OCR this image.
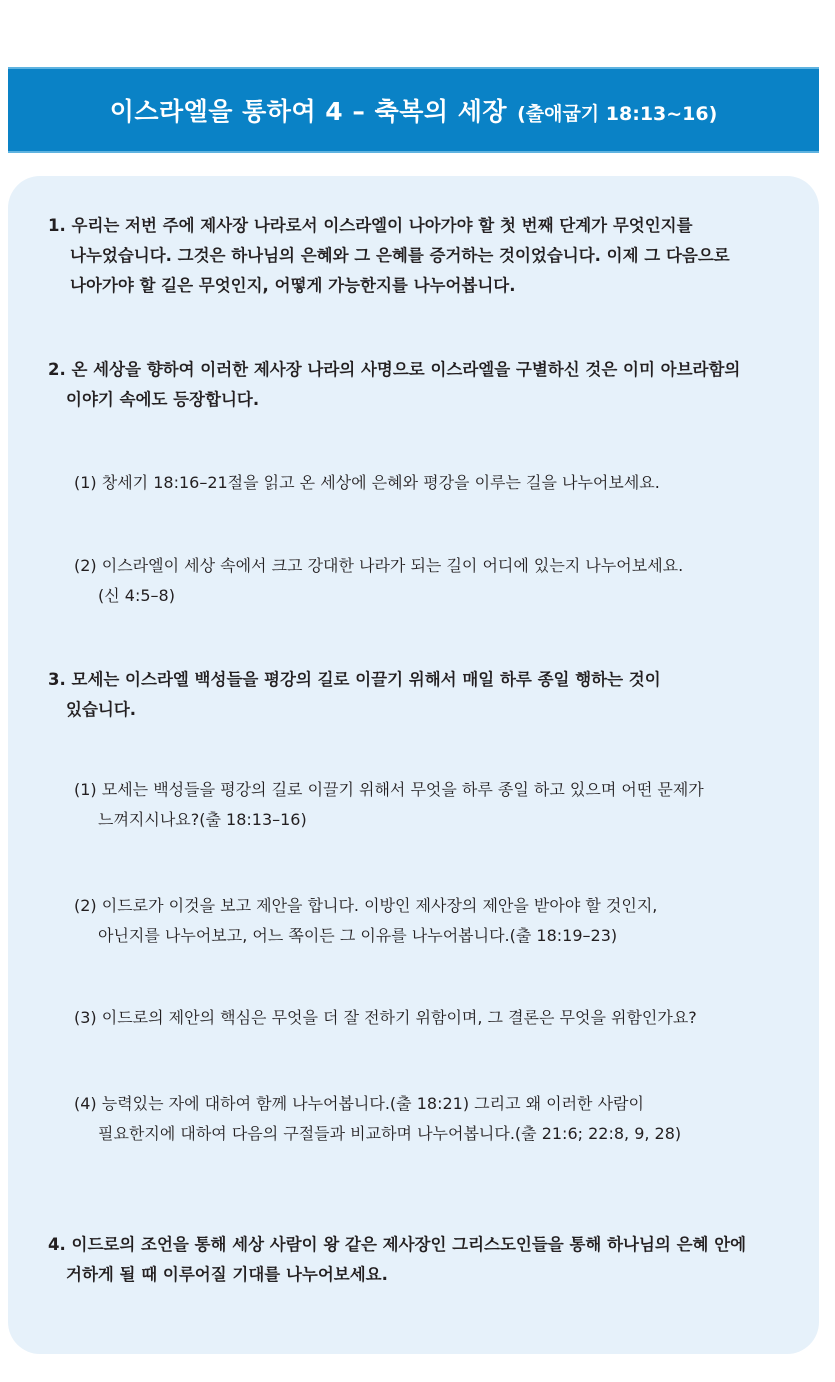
이스라엘을 통하여 4 – 축복의 세장 (출애굽기 18:13~16)
1. 우리는 저번 주에 제사장 나라로서 이스라엘이 나아가야 할 첫 번째 단계가 무엇인지를
나누었습니다. 그것은 하나님의 은혜와 그 은혜를 증거하는 것이었습니다. 이제 그 다음으로
나아가야 할 길은 무엇인지, 어떻게 가능한지를 나누어봅니다.
2. 온 세상을 향하여 이러한 제사장 나라의 사명으로 이스라엘을 구별하신 것은 이미 아브라함의
이야기 속에도 등장합니다.
(1) 창세기 18:16–21절을 읽고 온 세상에 은혜와 평강을 이루는 길을 나누어보세요.
(2) 이스라엘이 세상 속에서 크고 강대한 나라가 되는 길이 어디에 있는지 나누어보세요.
(신 4:5–8)
3. 모세는 이스라엘 백성들을 평강의 길로 이끌기 위해서 매일 하루 종일 행하는 것이
있습니다.
(1) 모세는 백성들을 평강의 길로 이끌기 위해서 무엇을 하루 종일 하고 있으며 어떤 문제가
느껴지시나요?(출 18:13–16)
(2) 이드로가 이것을 보고 제안을 합니다. 이방인 제사장의 제안을 받아야 할 것인지,
아닌지를 나누어보고, 어느 쪽이든 그 이유를 나누어봅니다.(출 18:19–23)
(3) 이드로의 제안의 핵심은 무엇을 더 잘 전하기 위함이며, 그 결론은 무엇을 위함인가요?
(4) 능력있는 자에 대하여 함께 나누어봅니다.(출 18:21) 그리고 왜 이러한 사람이
필요한지에 대하여 다음의 구절들과 비교하며 나누어봅니다.(출 21:6; 22:8, 9, 28)
4. 이드로의 조언을 통해 세상 사람이 왕 같은 제사장인 그리스도인들을 통해 하나님의 은혜 안에
거하게 될 때 이루어질 기대를 나누어보세요.
